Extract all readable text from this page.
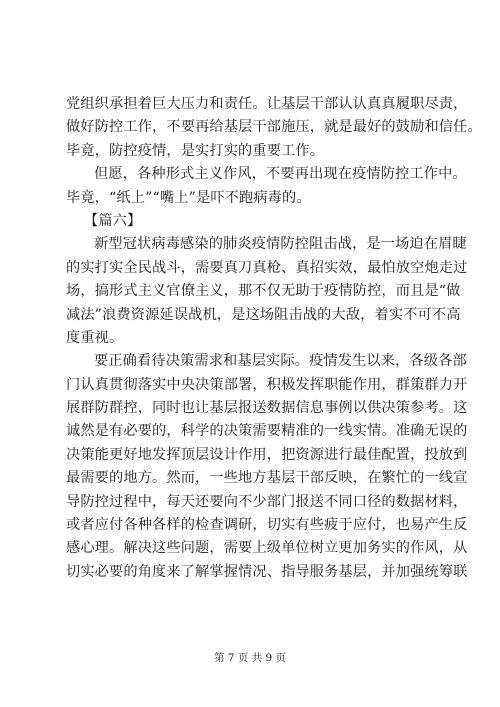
党组织承担着巨大压力和责任。让基层干部认认真真履职尽责，
做好防控工作，不要再给基层干部施压，就是最好的鼓励和信任。
毕竟，防控疫情，是实打实的重要工作。
但愿，各种形式主义作风，不要再出现在疫情防控工作中。
毕竟，“纸上”“嘴上”是吓不跑病毒的。
【篇六】
新型冠状病毒感染的肺炎疫情防控阻击战，是一场迫在眉睫
的实打实全民战斗，需要真刀真枪、真招实效，最怕放空炮走过
场，搞形式主义官僚主义，那不仅无助于疫情防控，而且是“做
减法”浪费资源延误战机，是这场阻击战的大敌，着实不可不高
度重视。
要正确看待决策需求和基层实际。疫情发生以来，各级各部
门认真贯彻落实中央决策部署，积极发挥职能作用，群策群力开
展群防群控，同时也让基层报送数据信息事例以供决策参考。这
诚然是有必要的，科学的决策需要精准的一线实情。准确无误的
决策能更好地发挥顶层设计作用，把资源进行最佳配置，投放到
最需要的地方。然而，一些地方基层干部反映，在繁忙的一线宣
导防控过程中，每天还要向不少部门报送不同口径的数据材料，
或者应付各种各样的检查调研，切实有些疲于应付，也易产生反
感心理。解决这些问题，需要上级单位树立更加务实的作风，从
切实必要的角度来了解掌握情况、指导服务基层，并加强统筹联
第 7 页 共 9 页
